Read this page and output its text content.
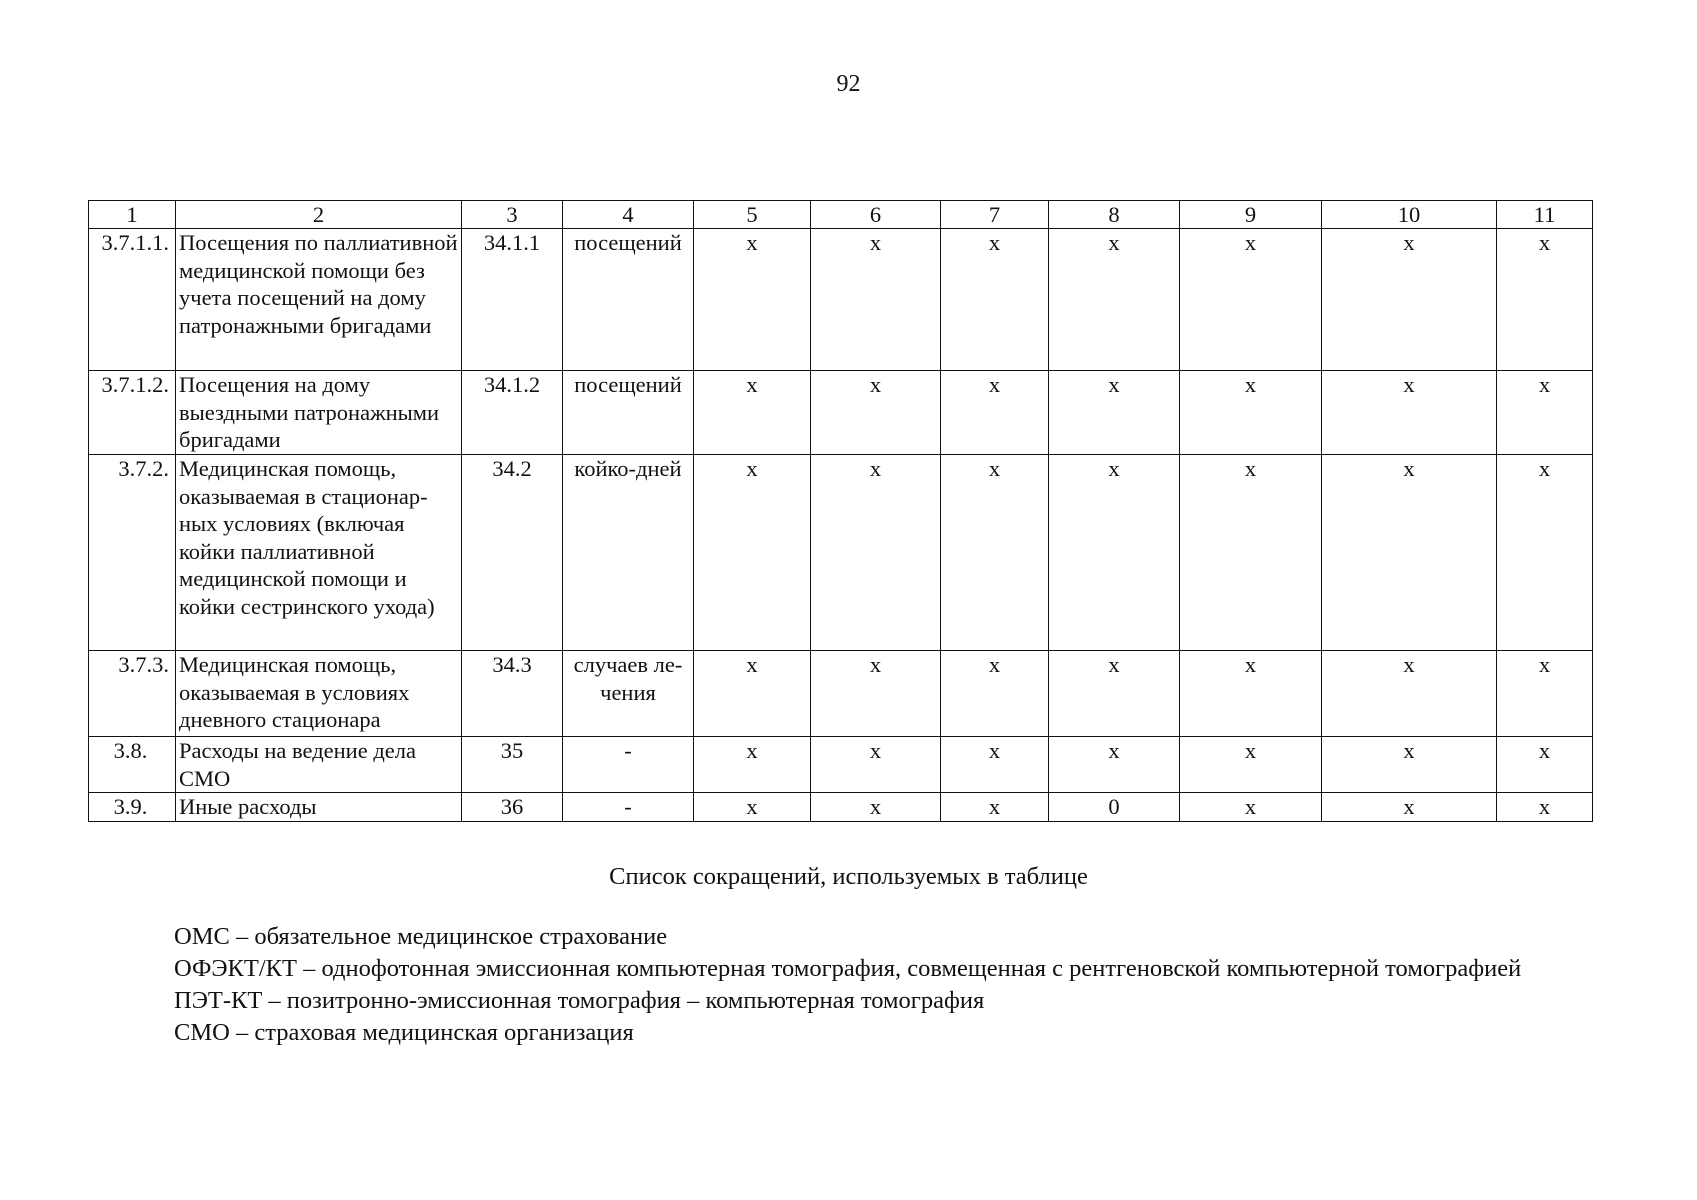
92
1	2	3	4	5	6	7	8	9	10	11
3.7.1.1.	Посещения по паллиативной медицинской помощи без учета посещений на дому патронажными бригадами	34.1.1	посещений	х	х	х	х	х	х	х
3.7.1.2.	Посещения на дому выездными патронажными бригадами	34.1.2	посещений	х	х	х	х	х	х	х
3.7.2.	Медицинская помощь, оказываемая в стационар- ных условиях (включая койки паллиативной медицинской помощи и койки сестринского ухода)	34.2	койко-дней	х	х	х	х	х	х	х
3.7.3.	Медицинская помощь, оказываемая в условиях дневного стационара	34.3	случаев ле- чения	х	х	х	х	х	х	х
3.8.	Расходы на ведение дела СМО	35	-	х	х	х	х	х	х	х
3.9.	Иные расходы	36	-	х	х	х	0	х	х	х
Список сокращений, используемых в таблице

ОМС – обязательное медицинское страхование

ОФЭКТ/КТ – однофотонная эмиссионная компьютерная томография, совмещенная с рентгеновской компьютерной томографией

ПЭТ-КТ – позитронно-эмиссионная томография – компьютерная томография

СМО – страховая медицинская организация
